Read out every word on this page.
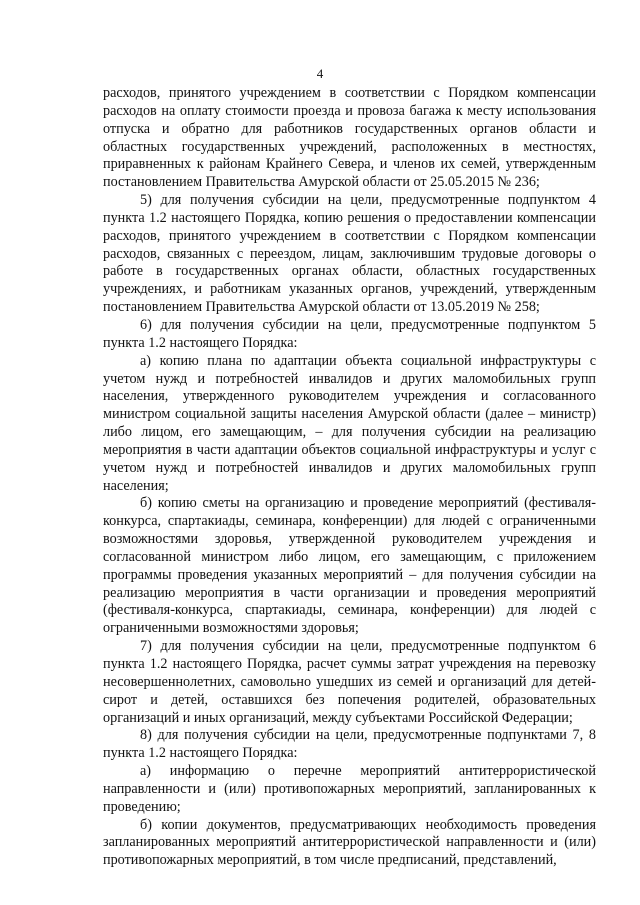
4

расходов, принятого учреждением в соответствии с Порядком компенсации расходов на оплату стоимости проезда и провоза багажа к месту использования отпуска и обратно для работников государственных органов области и областных государственных учреждений, расположенных в местностях, приравненных к районам Крайнего Севера, и членов их семей, утвержденным постановлением Правительства Амурской области от 25.05.2015 № 236;

5) для получения субсидии на цели, предусмотренные подпунктом 4 пункта 1.2 настоящего Порядка, копию решения о предоставлении компенсации расходов, принятого учреждением в соответствии с Порядком компенсации расходов, связанных с переездом, лицам, заключившим трудовые договоры о работе в государственных органах области, областных государственных учреждениях, и работникам указанных органов, учреждений, утвержденным постановлением Правительства Амурской области от 13.05.2019 № 258;

6) для получения субсидии на цели, предусмотренные подпунктом 5 пункта 1.2 настоящего Порядка:

а) копию плана по адаптации объекта социальной инфраструктуры с учетом нужд и потребностей инвалидов и других маломобильных групп населения, утвержденного руководителем учреждения и согласованного министром социальной защиты населения Амурской области (далее – министр) либо лицом, его замещающим, – для получения субсидии на реализацию мероприятия в части адаптации объектов социальной инфраструктуры и услуг с учетом нужд и потребностей инвалидов и других маломобильных групп населения;

б) копию сметы на организацию и проведение мероприятий (фестиваля-конкурса, спартакиады, семинара, конференции) для людей с ограниченными возможностями здоровья, утвержденной руководителем учреждения и согласованной министром либо лицом, его замещающим, с приложением программы проведения указанных мероприятий – для получения субсидии на реализацию мероприятия в части организации и проведения мероприятий (фестиваля-конкурса, спартакиады, семинара, конференции) для людей с ограниченными возможностями здоровья;

7) для получения субсидии на цели, предусмотренные подпунктом 6 пункта 1.2 настоящего Порядка, расчет суммы затрат учреждения на перевозку несовершеннолетних, самовольно ушедших из семей и организаций для детей-сирот и детей, оставшихся без попечения родителей, образовательных организаций и иных организаций, между субъектами Российской Федерации;

8) для получения субсидии на цели, предусмотренные подпунктами 7, 8 пункта 1.2 настоящего Порядка:

а) информацию о перечне мероприятий антитеррористической направленности и (или) противопожарных мероприятий, запланированных к проведению;

б) копии документов, предусматривающих необходимость проведения запланированных мероприятий антитеррористической направленности и (или) противопожарных мероприятий, в том числе предписаний, представлений,
